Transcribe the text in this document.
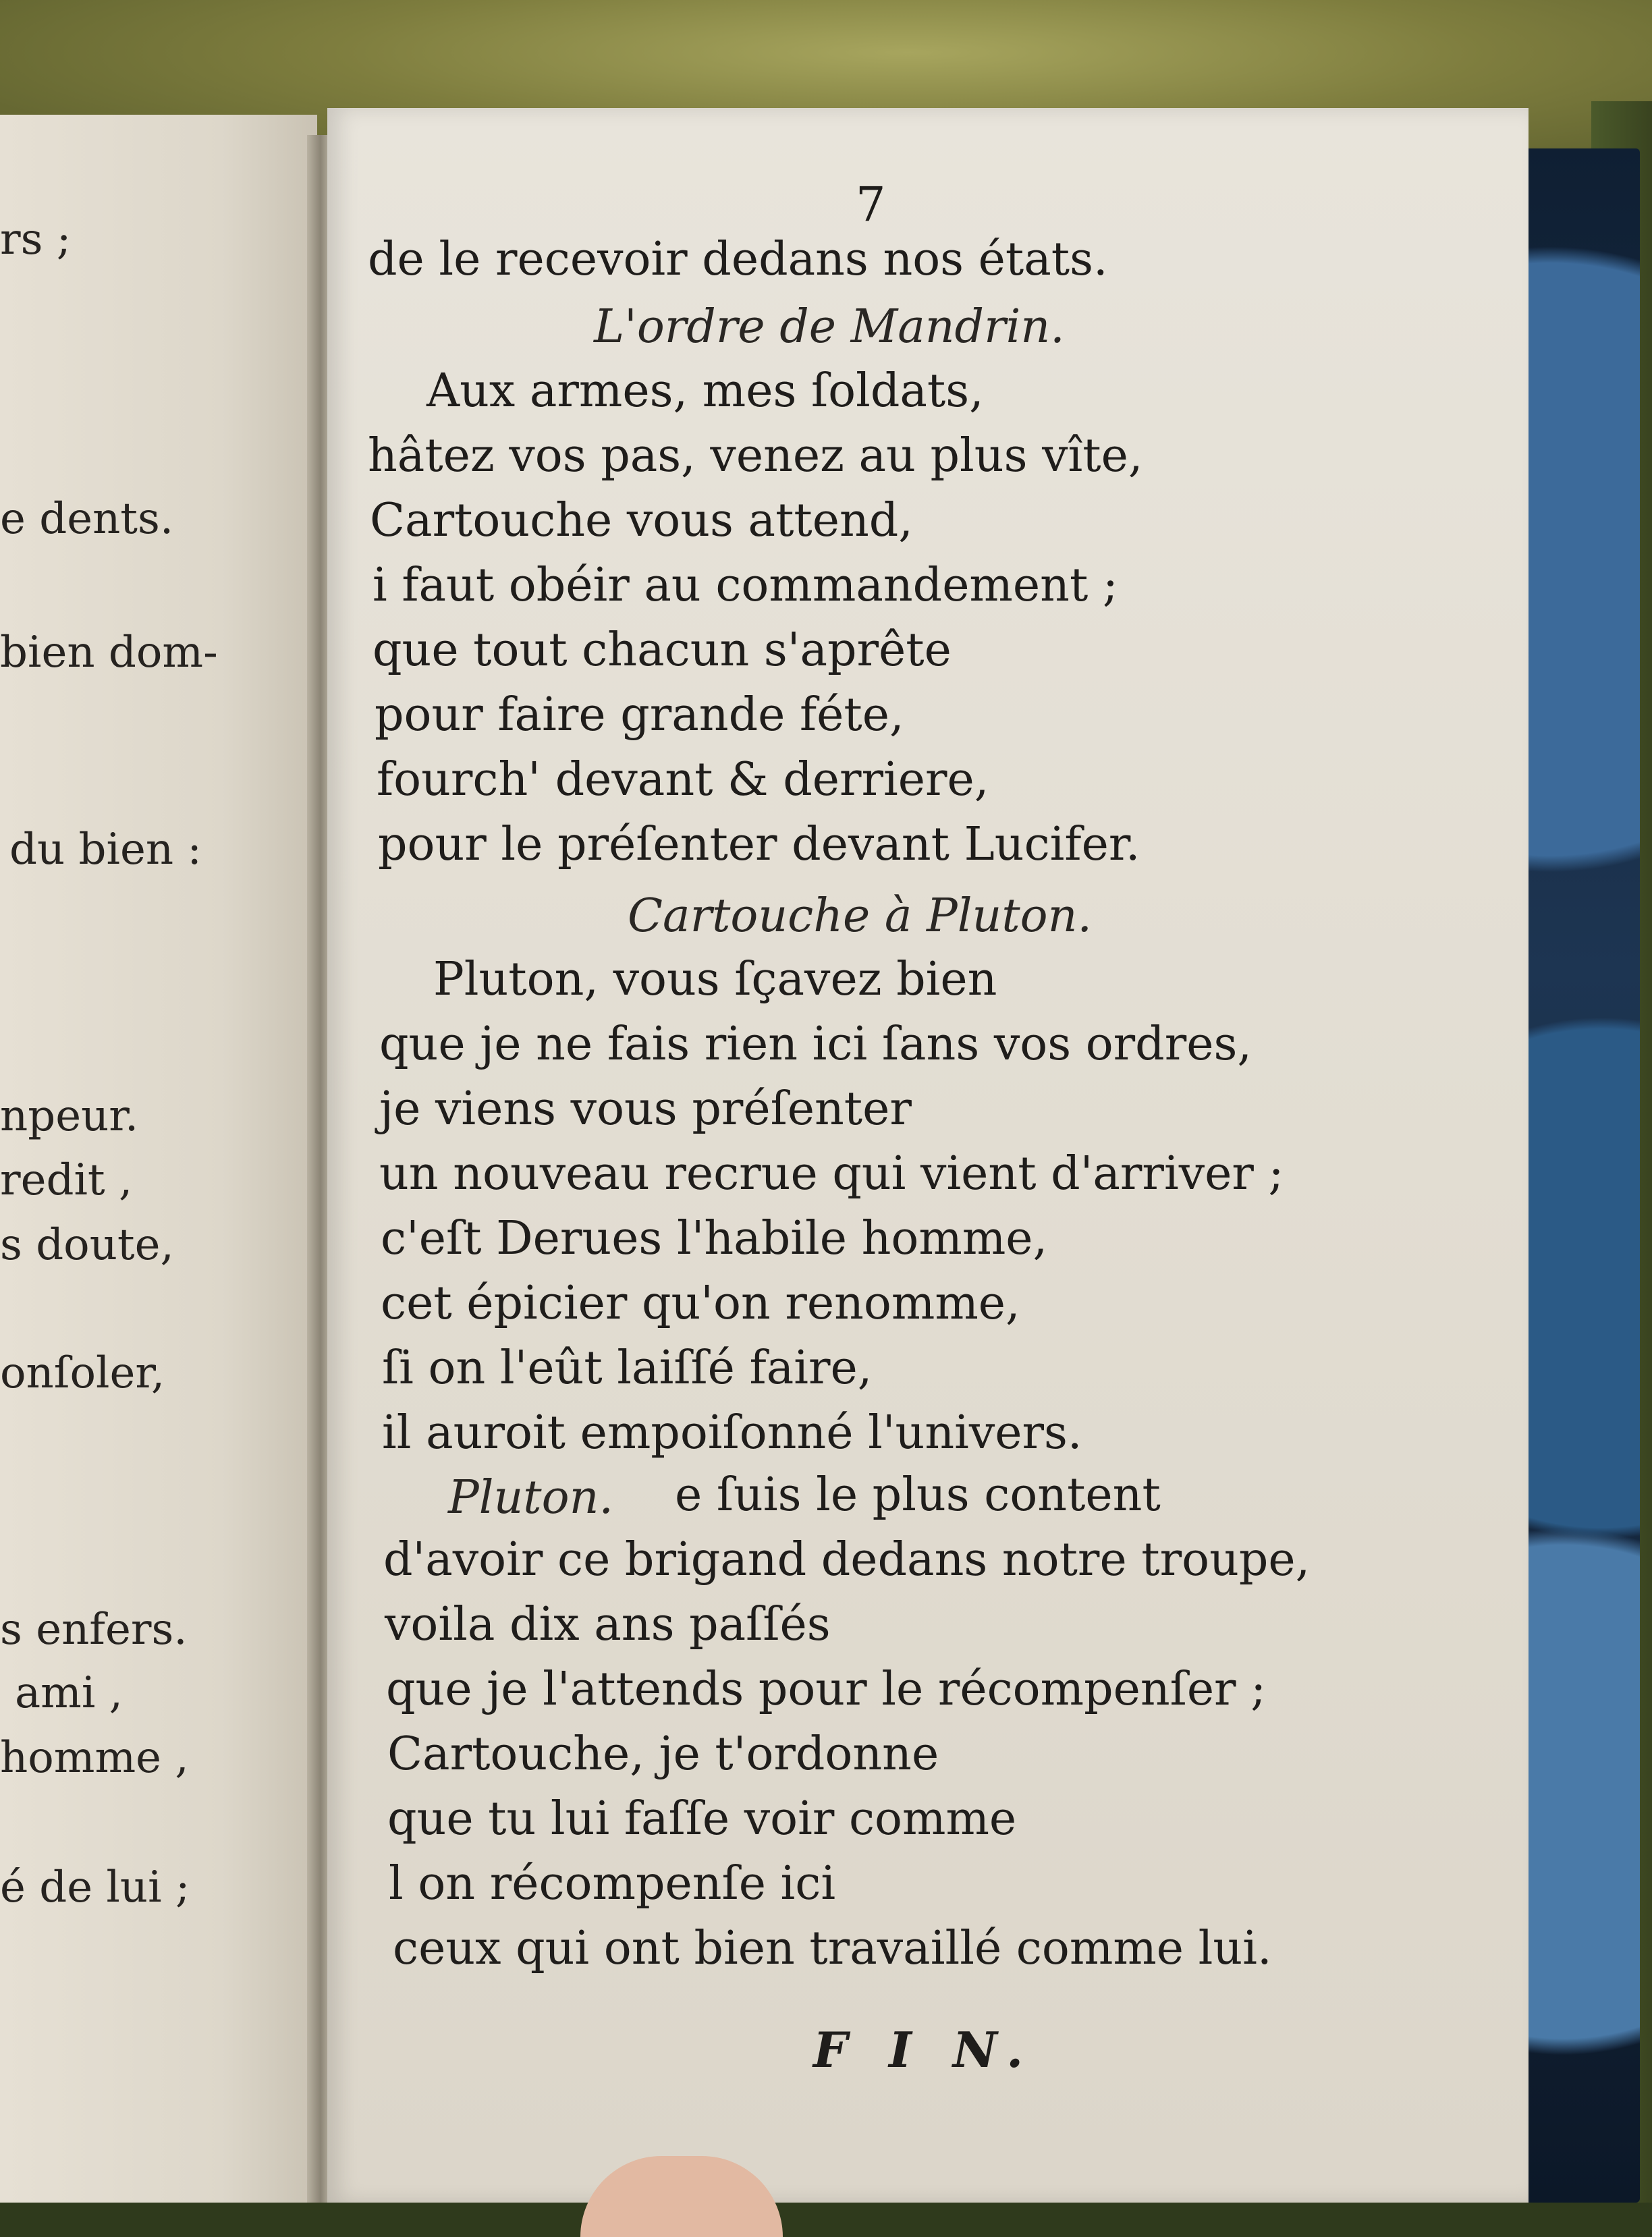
rs ;
e dents.
bien dom-
du bien :
npeur.
redit ,
s doute,
onſoler,
s enfers.
ami ,
homme ,
é de lui ;
7
de le recevoir dedans nos états.
L'ordre de Mandrin.
Aux armes, mes ſoldats,
hâtez vos pas, venez au plus vîte,
Cartouche vous attend,
i faut obéir au commandement ;
que tout chacun s'aprête
pour faire grande féte,
fourch' devant & derriere,
pour le préſenter devant Lucifer.
Cartouche à Pluton.
Pluton, vous ſçavez bien
que je ne fais rien ici ſans vos ordres,
je viens vous préſenter
un nouveau recrue qui vient d'arriver ;
c'eſt Derues l'habile homme,
cet épicier qu'on renomme,
ſi on l'eût laiſſé faire,
il auroit empoiſonné l'univers.
Pluton. e ſuis le plus content
d'avoir ce brigand dedans notre troupe,
voila dix ans paſſés
que je l'attends pour le récompenſer ;
Cartouche, je t'ordonne
que tu lui faſſe voir comme
l on récompenſe ici
ceux qui ont bien travaillé comme lui.
F I N.
